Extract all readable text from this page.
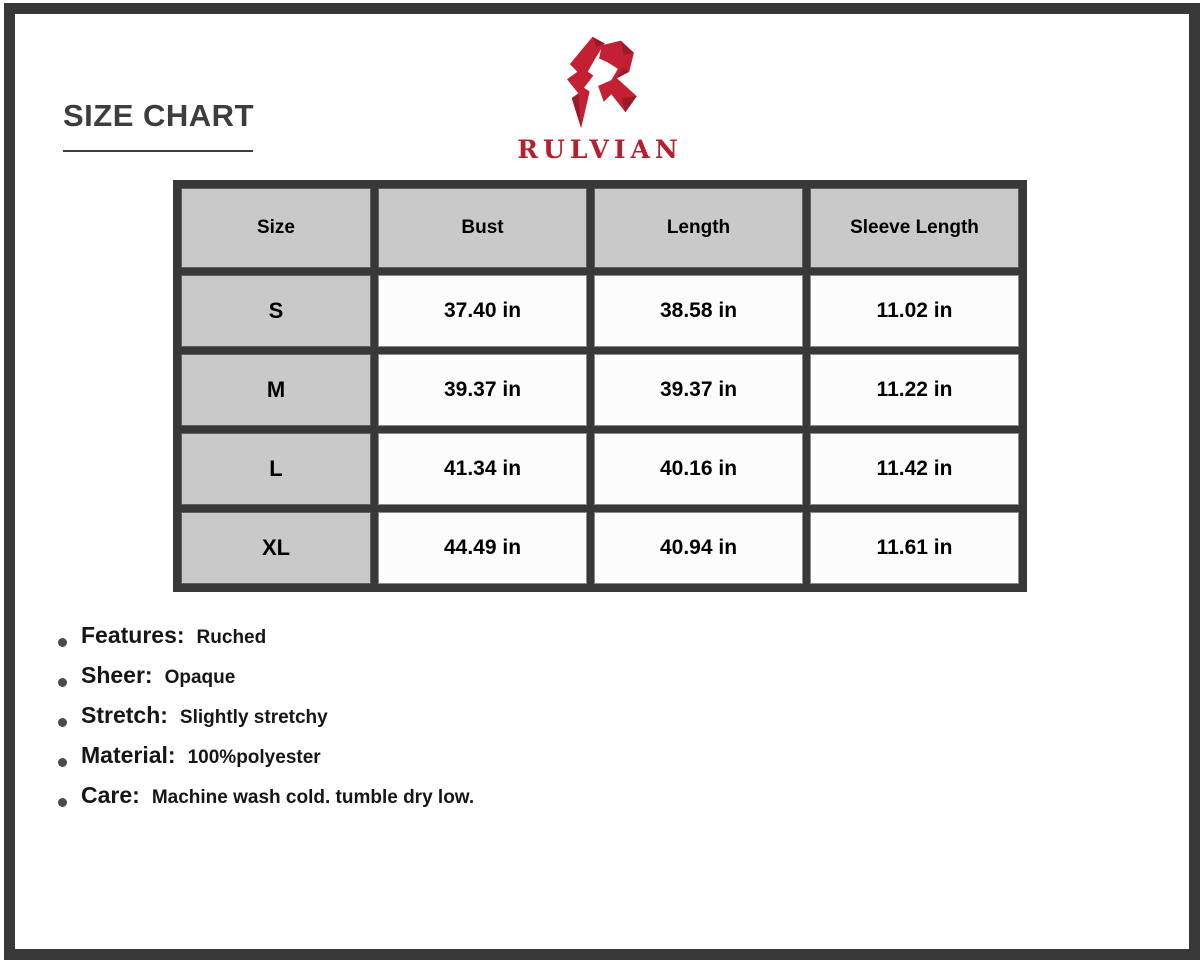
SIZE CHART
RULVIAN
Size	Bust	Length	Sleeve Length
S	37.40 in	38.58 in	11.02 in
M	39.37 in	39.37 in	11.22 in
L	41.34 in	40.16 in	11.42 in
XL	44.49 in	40.94 in	11.61 in
Features: Ruched
Sheer: Opaque
Stretch: Slightly stretchy
Material: 100%polyester
Care: Machine wash cold. tumble dry low.
